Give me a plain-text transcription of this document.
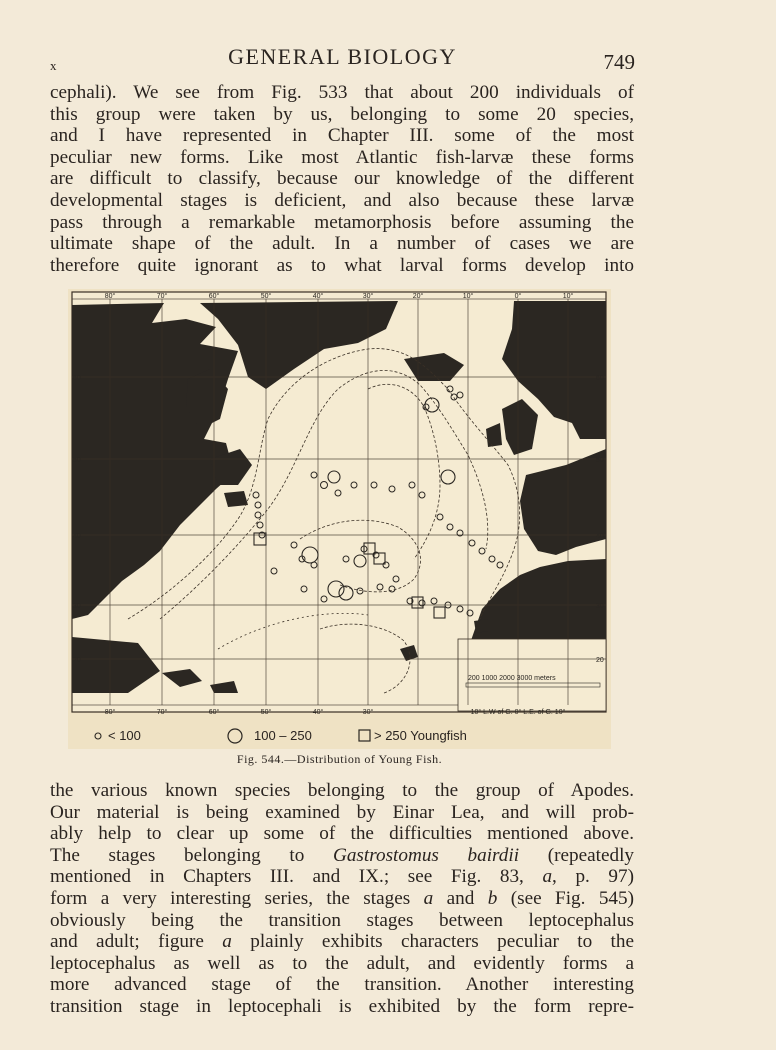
x	GENERAL BIOLOGY	749
cephali). We see from Fig. 533 that about 200 individuals of
this group were taken by us, belonging to some 20 species,
and I have represented in Chapter III. some of the most
peculiar new forms. Like most Atlantic fish-larvæ these forms
are difficult to classify, because our knowledge of the different
developmental stages is deficient, and also because these larvæ
pass through a remarkable metamorphosis before assuming the
ultimate shape of the adult. In a number of cases we are
therefore quite ignorant as to what larval forms develop into
200 1000 2000 3000 meters
80°	70°	60°	50°	40°	30°	20°	10°	0°	10°
80°	70°	60°	50°	40°	30°	10° L.W of G. 0° L.E. of G. 10°
60
50
40
30
20
60
50
40
30
20
< 100	100 – 250	> 250 Youngfish
Fig. 544.—Distribution of Young Fish.
the various known species belonging to the group of Apodes.
Our material is being examined by Einar Lea, and will prob-
ably help to clear up some of the difficulties mentioned above.
The stages belonging to Gastrostomus bairdii (repeatedly
mentioned in Chapters III. and IX.; see Fig. 83, a, p. 97)
form a very interesting series, the stages a and b (see Fig. 545)
obviously being the transition stages between leptocephalus
and adult; figure a plainly exhibits characters peculiar to the
leptocephalus as well as to the adult, and evidently forms a
more advanced stage of the transition. Another interesting
transition stage in leptocephali is exhibited by the form repre-
